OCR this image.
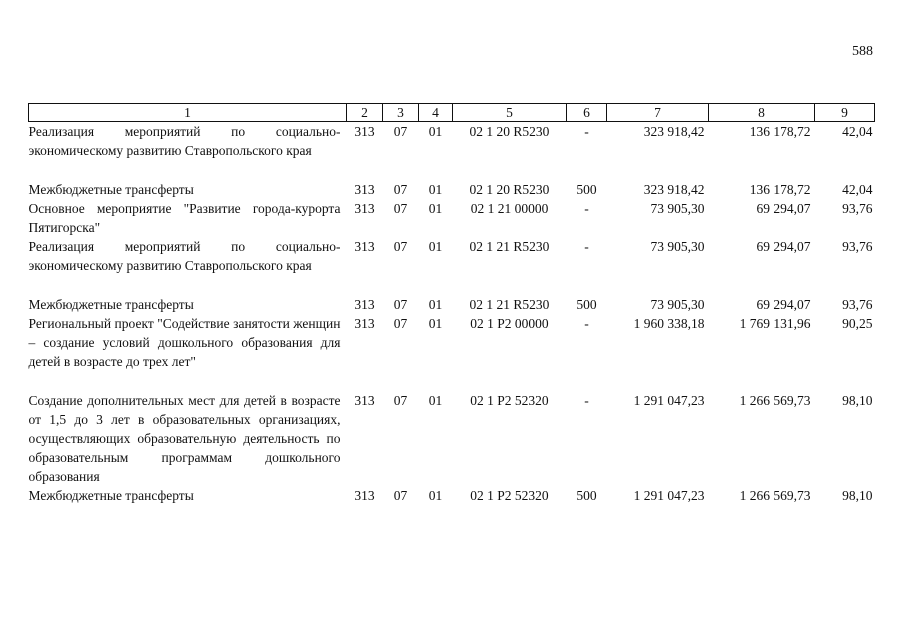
588
1	2	3	4	5	6	7	8	9
Реализация мероприятий по социально-экономическому развитию Ставропольского края	313	07	01	02 1 20 R5230	-	323 918,42	136 178,72	42,04

Межбюджетные трансферты	313	07	01	02 1 20 R5230	500	323 918,42	136 178,72	42,04
Основное мероприятие "Развитие города-курорта Пятигорска"	313	07	01	02 1 21 00000	-	73 905,30	69 294,07	93,76
Реализация мероприятий по социально-экономическому развитию Ставропольского края	313	07	01	02 1 21 R5230	-	73 905,30	69 294,07	93,76

Межбюджетные трансферты	313	07	01	02 1 21 R5230	500	73 905,30	69 294,07	93,76
Региональный проект "Содействие занятости женщин – создание условий дошкольного образования для детей в возрасте до трех лет"	313	07	01	02 1 P2 00000	-	1 960 338,18	1 769 131,96	90,25

Создание дополнительных мест для детей в возрасте от 1,5 до 3 лет в образовательных организациях, осуществляющих образовательную деятельность по образовательным программам дошкольного образования	313	07	01	02 1 P2 52320	-	1 291 047,23	1 266 569,73	98,10
Межбюджетные трансферты	313	07	01	02 1 P2 52320	500	1 291 047,23	1 266 569,73	98,10
